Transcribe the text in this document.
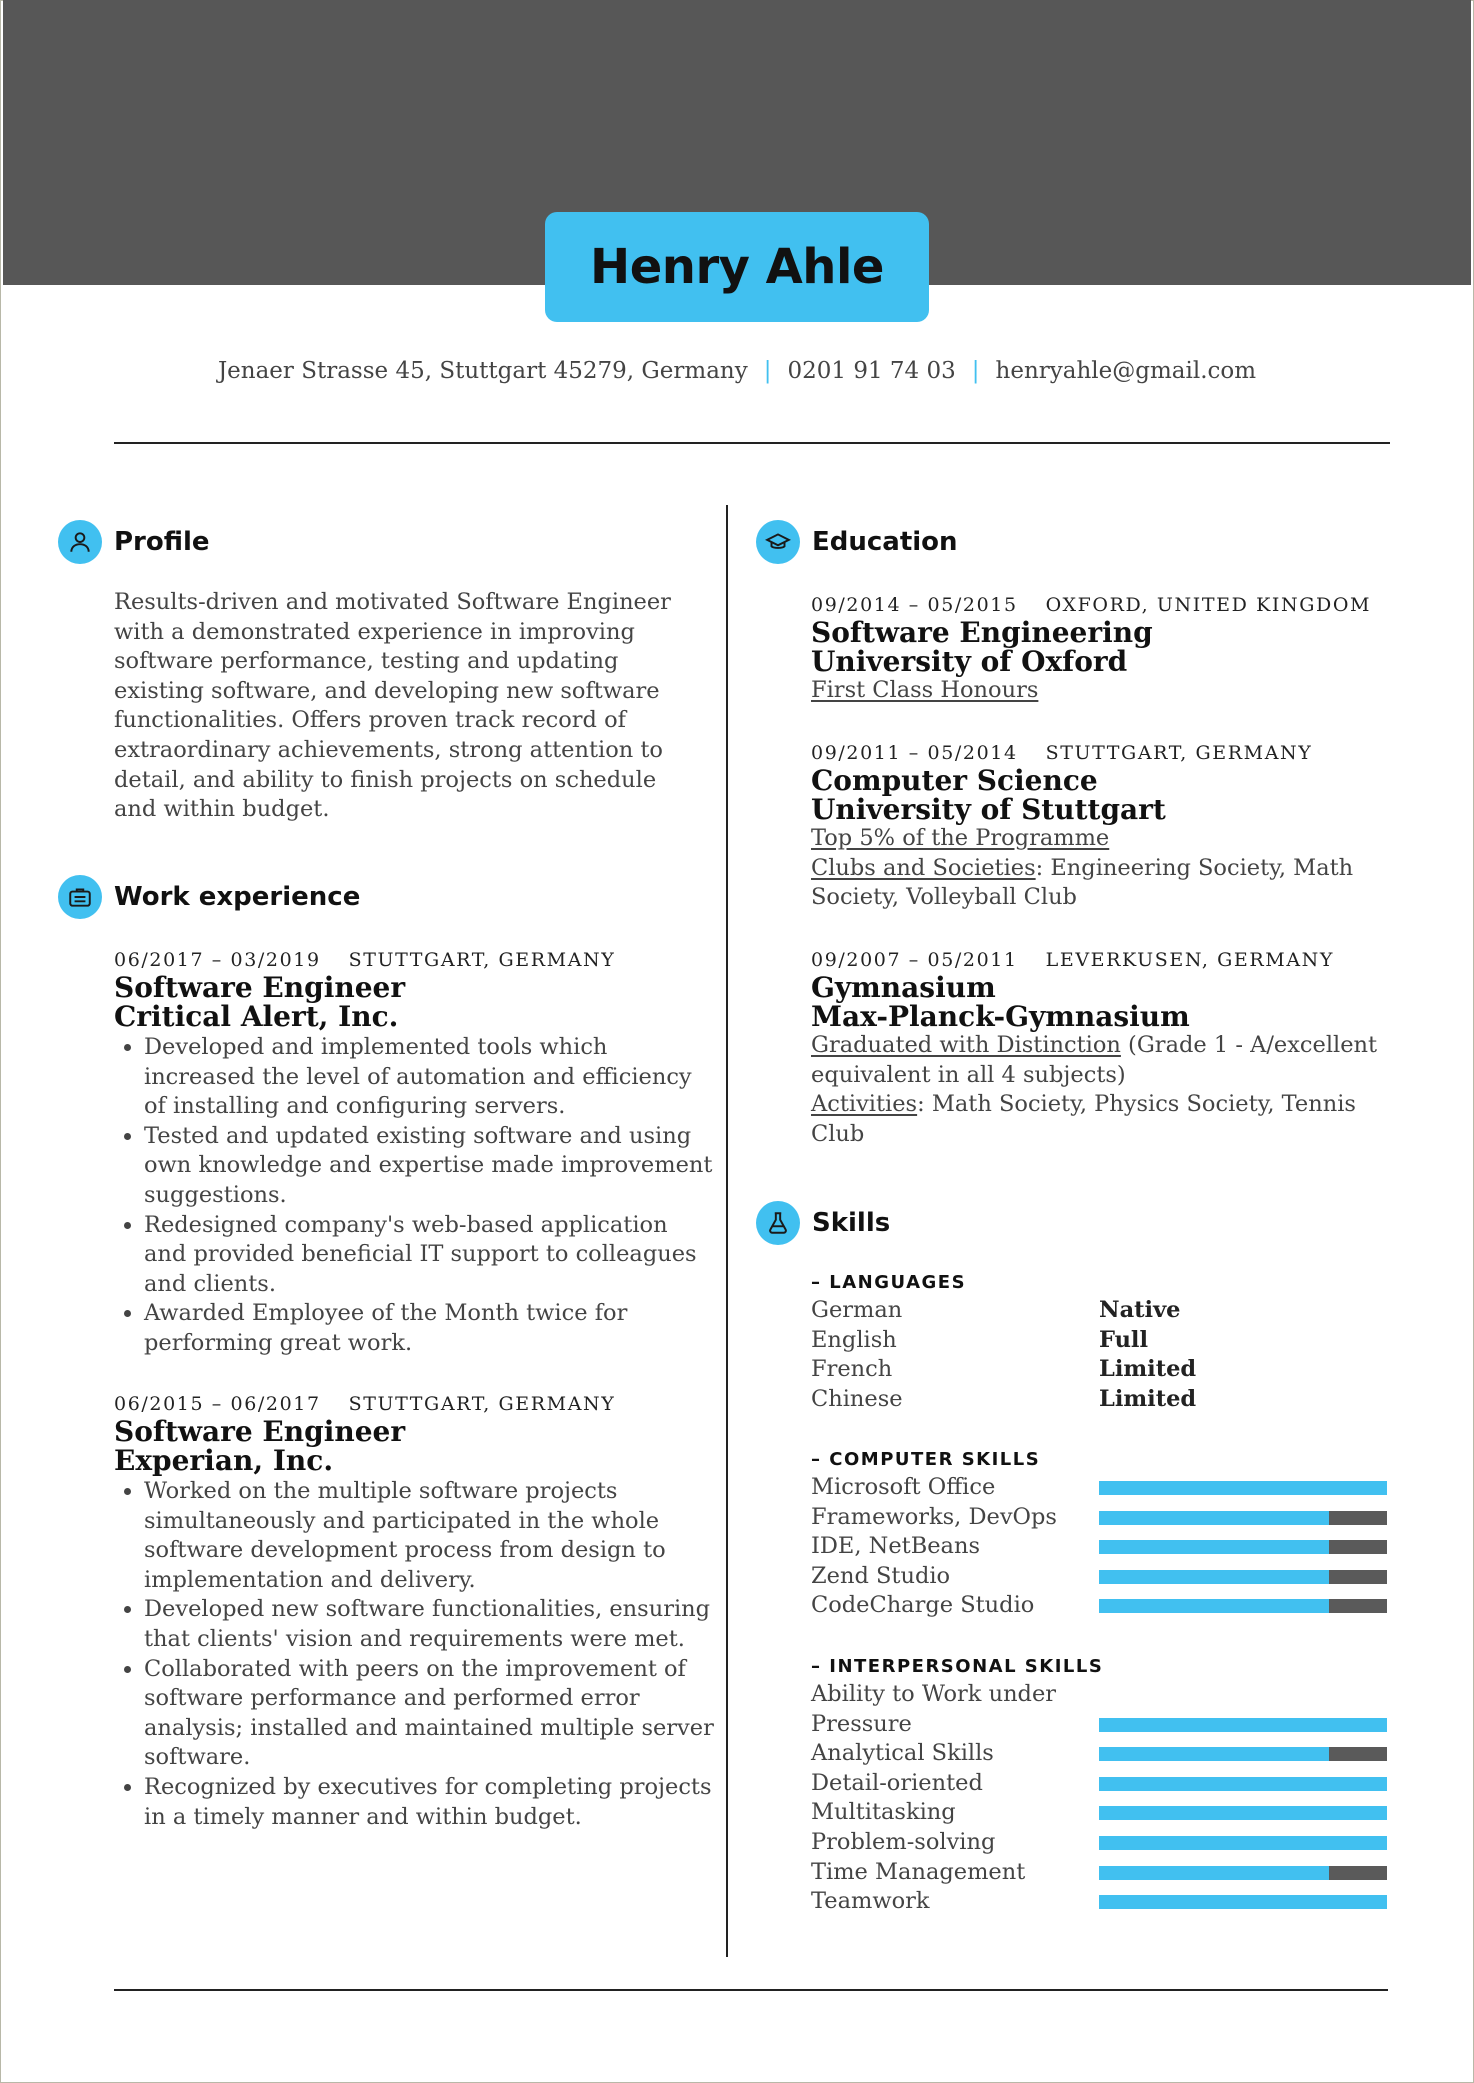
Henry Ahle
Jenaer Strasse 45, Stuttgart 45279, Germany | 0201 91 74 03 | henryahle@gmail.com
Profile

Results-driven and motivated Software Engineer with a demonstrated experience in improving software performance, testing and updating existing software, and developing new software functionalities. Offers proven track record of extraordinary achievements, strong attention to detail, and ability to finish projects on schedule and within budget.

Work experience
06/2017 – 03/2019 STUTTGART, GERMANY
Software Engineer
Critical Alert, Inc.
• Developed and implemented tools which increased the level of automation and efficiency of installing and configuring servers.
• Tested and updated existing software and using own knowledge and expertise made improvement suggestions.
• Redesigned company's web-based application and provided beneficial IT support to colleagues and clients.
• Awarded Employee of the Month twice for performing great work.
06/2015 – 06/2017 STUTTGART, GERMANY
Software Engineer
Experian, Inc.
• Worked on the multiple software projects simultaneously and participated in the whole software development process from design to implementation and delivery.
• Developed new software functionalities, ensuring that clients' vision and requirements were met.
• Collaborated with peers on the improvement of software performance and performed error analysis; installed and maintained multiple server software.
• Recognized by executives for completing projects in a timely manner and within budget.
Education
09/2014 – 05/2015 OXFORD, UNITED KINGDOM
Software Engineering
University of Oxford
First Class Honours
09/2011 – 05/2014 STUTTGART, GERMANY
Computer Science
University of Stuttgart
Top 5% of the Programme
Clubs and Societies: Engineering Society, Math Society, Volleyball Club
09/2007 – 05/2011 LEVERKUSEN, GERMANY
Gymnasium
Max-Planck-Gymnasium
Graduated with Distinction (Grade 1 - A/excellent equivalent in all 4 subjects)
Activities: Math Society, Physics Society, Tennis Club
Skills
– LANGUAGES
German	Native
English	Full
French	Limited
Chinese	Limited
– COMPUTER SKILLS
Microsoft Office
Frameworks, DevOps
IDE, NetBeans
Zend Studio
CodeCharge Studio
– INTERPERSONAL SKILLS
Ability to Work under Pressure
Analytical Skills
Detail-oriented
Multitasking
Problem-solving
Time Management
Teamwork
